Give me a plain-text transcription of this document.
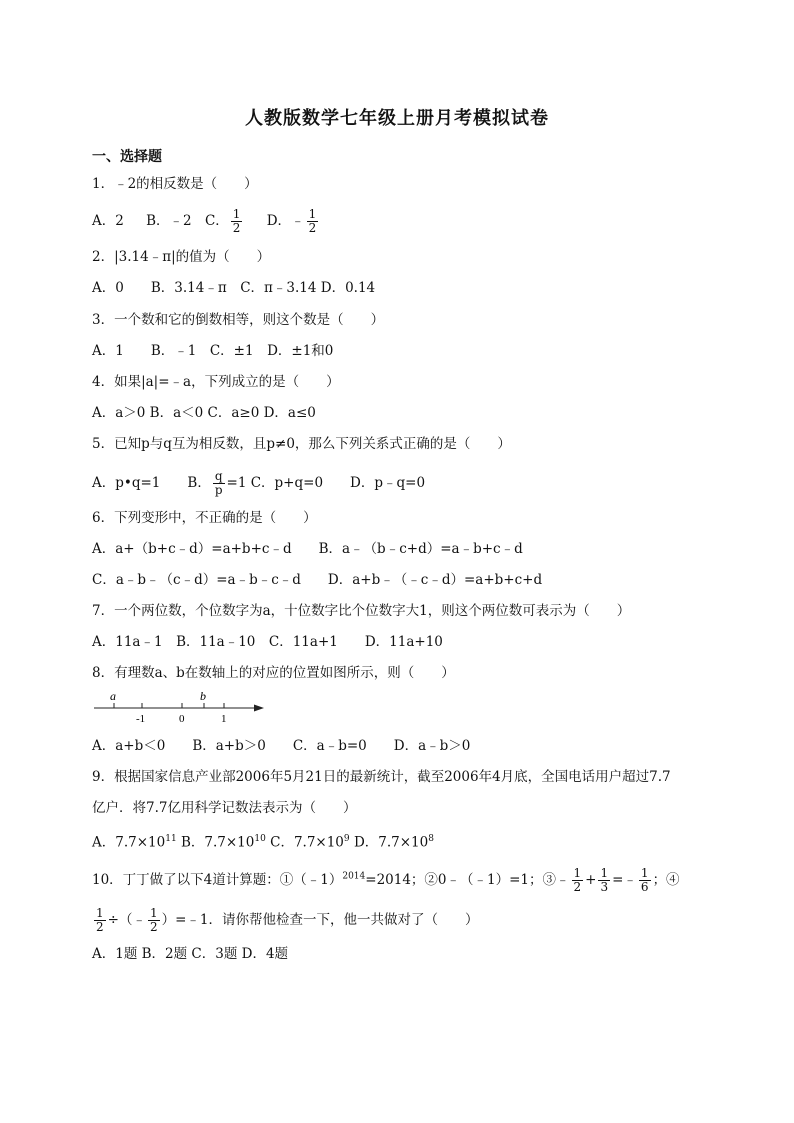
人教版数学七年级上册月考模拟试卷
一、选择题
1．﹣2的相反数是（　　）
A．2 B．﹣2 C． $\frac{1}{2}$ D．﹣ $\frac{1}{2}$
2．|3.14﹣π|的值为（　　）
A．0　　B．3.14﹣π　C．π﹣3.14 D．0.14
3．一个数和它的倒数相等，则这个数是（　　）
A．1　　B．﹣1　C．±1　D．±1和0
4．如果|a|=﹣a，下列成立的是（　　）
A．a＞0 B．a＜0 C．a≥0 D．a≤0
5．已知p与q互为相反数，且p≠0，那么下列关系式正确的是（　　）
A．p•q=1　　B． $\frac{q}{p} =1$ C．p+q=0　　D．p﹣q=0
6．下列变形中，不正确的是（　　）
A．a+（b+c﹣d）=a+b+c﹣d　　B．a﹣（b﹣c+d）=a﹣b+c﹣d
C．a﹣b﹣（c﹣d）=a﹣b﹣c﹣d　　D．a+b﹣（﹣c﹣d）=a+b+c+d
7．一个两位数，个位数字为a，十位数字比个位数字大1，则这个两位数可表示为（　　）
A．11a﹣1　B．11a﹣10　C．11a+1　　D．11a+10
8．有理数a、b在数轴上的对应的位置如图所示，则（　　）
a	b
-1	0	1
A．a+b＜0　　B．a+b＞0　　C．a﹣b=0　　D．a﹣b＞0
9．根据国家信息产业部2006年5月21日的最新统计，截至2006年4月底，全国电话用户超过7.7
亿户．将7.7亿用科学记数法表示为（　　）
A．$7.7\times 10^{11}$ B．$7.7\times 10^{10}$ C．$7.7\times 10^9$ D．$7.7\times 10^8$
10．丁丁做了以下4道计算题：①（﹣1）$^{2014}$=2014；②0﹣（﹣1）=1；③﹣ $\frac{1}{2} + \frac{1}{3}$ =﹣ $\frac{1}{6}$ ；④
$\frac{1}{2}$ ÷（﹣ $\frac{1}{2}$ ）=﹣1．请你帮他检查一下，他一共做对了（　　）
A．1题 B．2题 C．3题 D．4题
